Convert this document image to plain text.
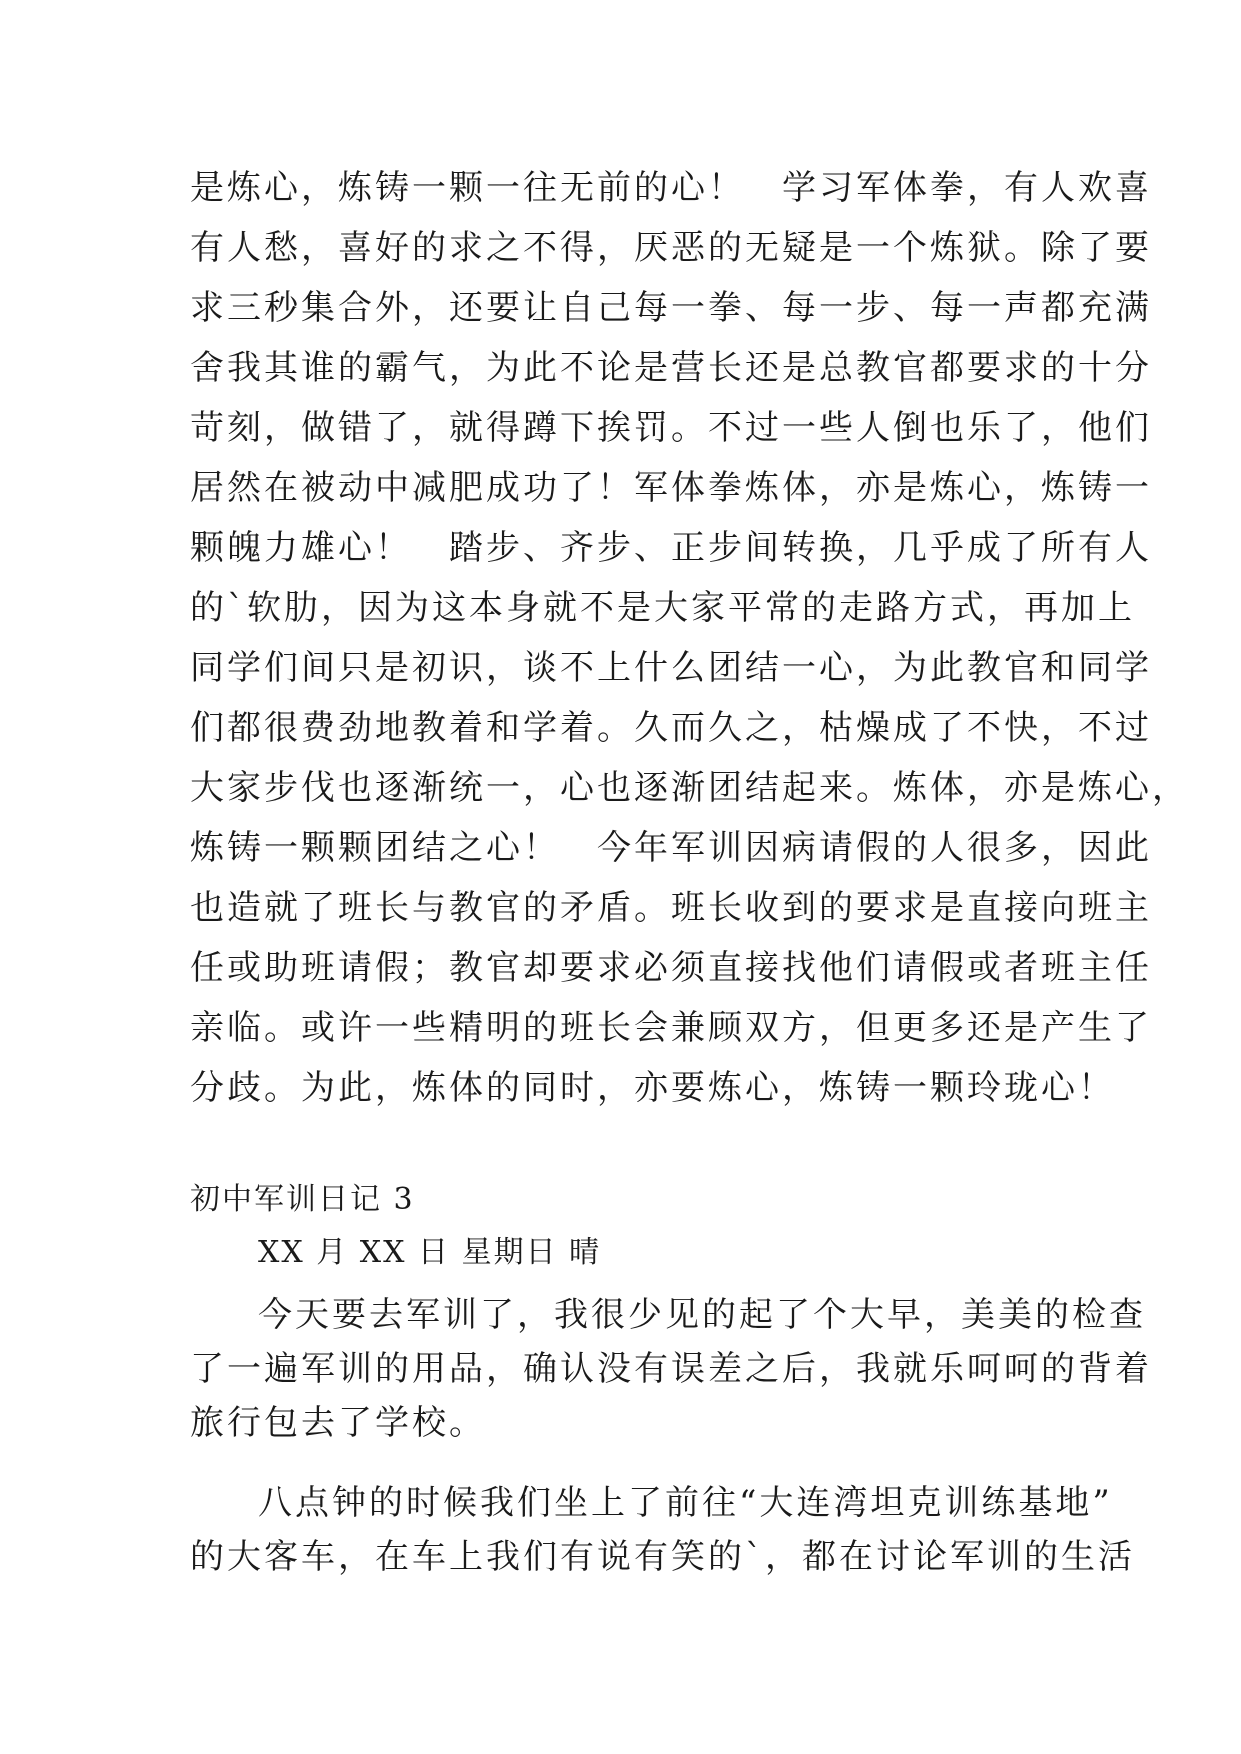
是炼心，炼铸一颗一往无前的心！　学习军体拳，有人欢喜

有人愁，喜好的求之不得，厌恶的无疑是一个炼狱。除了要

求三秒集合外，还要让自己每一拳、每一步、每一声都充满

舍我其谁的霸气，为此不论是营长还是总教官都要求的十分

苛刻，做错了，就得蹲下挨罚。不过一些人倒也乐了，他们

居然在被动中减肥成功了！军体拳炼体，亦是炼心，炼铸一

颗魄力雄心！　踏步、齐步、正步间转换，几乎成了所有人

的`软肋，因为这本身就不是大家平常的走路方式，再加上

同学们间只是初识，谈不上什么团结一心，为此教官和同学

们都很费劲地教着和学着。久而久之，枯燥成了不快，不过

大家步伐也逐渐统一，心也逐渐团结起来。炼体，亦是炼心，

炼铸一颗颗团结之心！　今年军训因病请假的人很多，因此

也造就了班长与教官的矛盾。班长收到的要求是直接向班主

任或助班请假；教官却要求必须直接找他们请假或者班主任

亲临。或许一些精明的班长会兼顾双方，但更多还是产生了

分歧。为此，炼体的同时，亦要炼心，炼铸一颗玲珑心！

初中军训日记 3
XX 月 XX 日 星期日 晴

今天要去军训了，我很少见的起了个大早，美美的检查

了一遍军训的用品，确认没有误差之后，我就乐呵呵的背着

旅行包去了学校。

八点钟的时候我们坐上了前往“大连湾坦克训练基地”

的大客车，在车上我们有说有笑的`，都在讨论军训的生活
